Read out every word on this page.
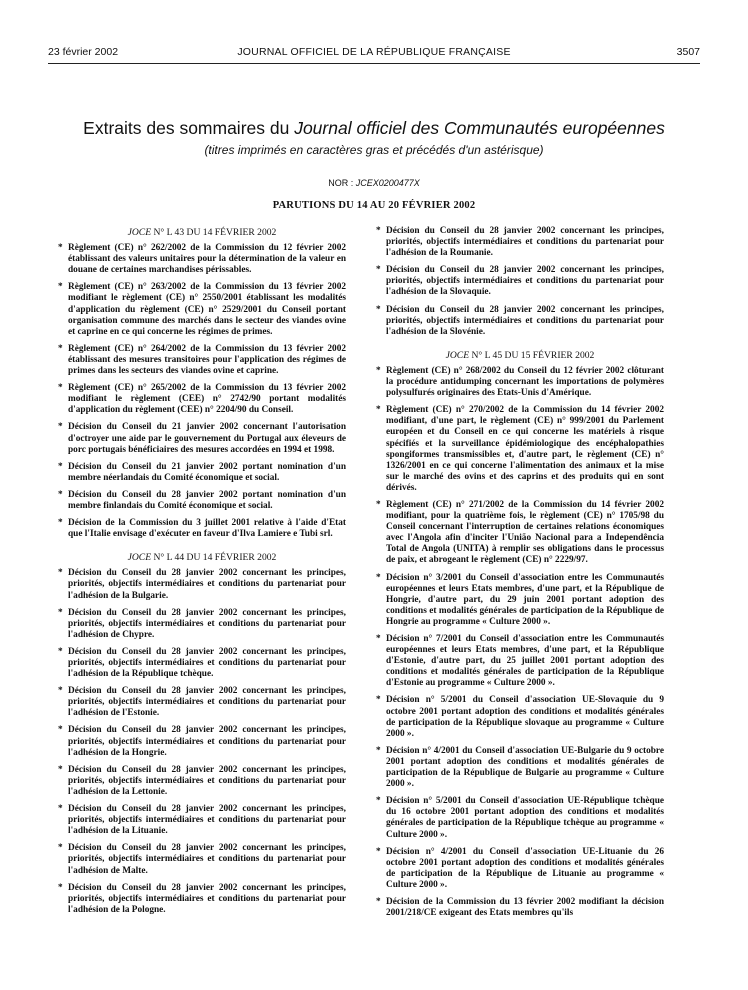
23 février 2002	JOURNAL OFFICIEL DE LA RÉPUBLIQUE FRANÇAISE	3507
Extraits des sommaires du Journal officiel des Communautés européennes
(titres imprimés en caractères gras et précédés d'un astérisque)
NOR : JCEX0200477X
PARUTIONS DU 14 AU 20 FÉVRIER 2002
JOCE N° L 43 DU 14 FÉVRIER 2002
* Règlement (CE) n° 262/2002 de la Commission du 12 février 2002 établissant des valeurs unitaires pour la détermination de la valeur en douane de certaines marchandises périssables.
* Règlement (CE) n° 263/2002 de la Commission du 13 février 2002 modifiant le règlement (CE) n° 2550/2001 établissant les modalités d'application du règlement (CE) n° 2529/2001 du Conseil portant organisation commune des marchés dans le secteur des viandes ovine et caprine en ce qui concerne les régimes de primes.
* Règlement (CE) n° 264/2002 de la Commission du 13 février 2002 établissant des mesures transitoires pour l'application des régimes de primes dans les secteurs des viandes ovine et caprine.
* Règlement (CE) n° 265/2002 de la Commission du 13 février 2002 modifiant le règlement (CEE) n° 2742/90 portant modalités d'application du règlement (CEE) n° 2204/90 du Conseil.
* Décision du Conseil du 21 janvier 2002 concernant l'autorisation d'octroyer une aide par le gouvernement du Portugal aux éleveurs de porc portugais bénéficiaires des mesures accordées en 1994 et 1998.
* Décision du Conseil du 21 janvier 2002 portant nomination d'un membre néerlandais du Comité économique et social.
* Décision du Conseil du 28 janvier 2002 portant nomination d'un membre finlandais du Comité économique et social.
* Décision de la Commission du 3 juillet 2001 relative à l'aide d'Etat que l'Italie envisage d'exécuter en faveur d'Ilva Lamiere e Tubi srl.
JOCE N° L 44 DU 14 FÉVRIER 2002
* Décision du Conseil du 28 janvier 2002 concernant les principes, priorités, objectifs intermédiaires et conditions du partenariat pour l'adhésion de la Bulgarie.
* Décision du Conseil du 28 janvier 2002 concernant les principes, priorités, objectifs intermédiaires et conditions du partenariat pour l'adhésion de Chypre.
* Décision du Conseil du 28 janvier 2002 concernant les principes, priorités, objectifs intermédiaires et conditions du partenariat pour l'adhésion de la République tchèque.
* Décision du Conseil du 28 janvier 2002 concernant les principes, priorités, objectifs intermédiaires et conditions du partenariat pour l'adhésion de l'Estonie.
* Décision du Conseil du 28 janvier 2002 concernant les principes, priorités, objectifs intermédiaires et conditions du partenariat pour l'adhésion de la Hongrie.
* Décision du Conseil du 28 janvier 2002 concernant les principes, priorités, objectifs intermédiaires et conditions du partenariat pour l'adhésion de la Lettonie.
* Décision du Conseil du 28 janvier 2002 concernant les principes, priorités, objectifs intermédiaires et conditions du partenariat pour l'adhésion de la Lituanie.
* Décision du Conseil du 28 janvier 2002 concernant les principes, priorités, objectifs intermédiaires et conditions du partenariat pour l'adhésion de Malte.
* Décision du Conseil du 28 janvier 2002 concernant les principes, priorités, objectifs intermédiaires et conditions du partenariat pour l'adhésion de la Pologne.
* Décision du Conseil du 28 janvier 2002 concernant les principes, priorités, objectifs intermédiaires et conditions du partenariat pour l'adhésion de la Roumanie.
* Décision du Conseil du 28 janvier 2002 concernant les principes, priorités, objectifs intermédiaires et conditions du partenariat pour l'adhésion de la Slovaquie.
* Décision du Conseil du 28 janvier 2002 concernant les principes, priorités, objectifs intermédiaires et conditions du partenariat pour l'adhésion de la Slovénie.
JOCE N° L 45 DU 15 FÉVRIER 2002
* Règlement (CE) n° 268/2002 du Conseil du 12 février 2002 clôturant la procédure antidumping concernant les importations de polymères polysulfurés originaires des Etats-Unis d'Amérique.
* Règlement (CE) n° 270/2002 de la Commission du 14 février 2002 modifiant, d'une part, le règlement (CE) n° 999/2001 du Parlement européen et du Conseil en ce qui concerne les matériels à risque spécifiés et la surveillance épidémiologique des encéphalopathies spongiformes transmissibles et, d'autre part, le règlement (CE) n° 1326/2001 en ce qui concerne l'alimentation des animaux et la mise sur le marché des ovins et des caprins et des produits qui en sont dérivés.
* Règlement (CE) n° 271/2002 de la Commission du 14 février 2002 modifiant, pour la quatrième fois, le règlement (CE) n° 1705/98 du Conseil concernant l'interruption de certaines relations économiques avec l'Angola afin d'inciter l'União Nacional para a Independência Total de Angola (UNITA) à remplir ses obligations dans le processus de paix, et abrogeant le règlement (CE) n° 2229/97.
* Décision n° 3/2001 du Conseil d'association entre les Communautés européennes et leurs Etats membres, d'une part, et la République de Hongrie, d'autre part, du 29 juin 2001 portant adoption des conditions et modalités générales de participation de la République de Hongrie au programme « Culture 2000 ».
* Décision n° 7/2001 du Conseil d'association entre les Communautés européennes et leurs Etats membres, d'une part, et la République d'Estonie, d'autre part, du 25 juillet 2001 portant adoption des conditions et modalités générales de participation de la République d'Estonie au programme « Culture 2000 ».
* Décision n° 5/2001 du Conseil d'association UE-Slovaquie du 9 octobre 2001 portant adoption des conditions et modalités générales de participation de la République slovaque au programme « Culture 2000 ».
* Décision n° 4/2001 du Conseil d'association UE-Bulgarie du 9 octobre 2001 portant adoption des conditions et modalités générales de participation de la République de Bulgarie au programme « Culture 2000 ».
* Décision n° 5/2001 du Conseil d'association UE-République tchèque du 16 octobre 2001 portant adoption des conditions et modalités générales de participation de la République tchèque au programme « Culture 2000 ».
* Décision n° 4/2001 du Conseil d'association UE-Lituanie du 26 octobre 2001 portant adoption des conditions et modalités générales de participation de la République de Lituanie au programme « Culture 2000 ».
* Décision de la Commission du 13 février 2002 modifiant la décision 2001/218/CE exigeant des Etats membres qu'ils
